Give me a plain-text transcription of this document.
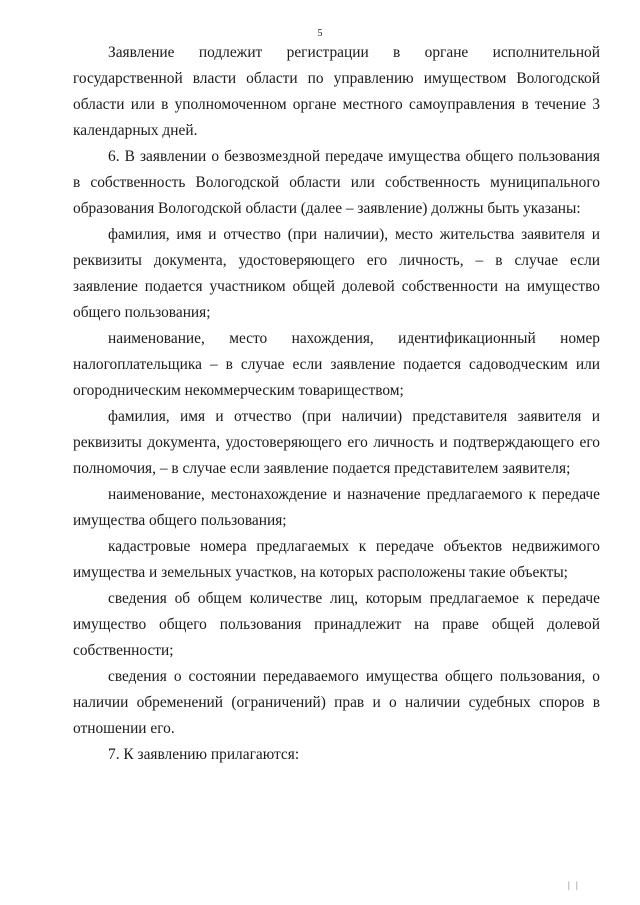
5

Заявление подлежит регистрации в органе исполнительной государственной власти области по управлению имуществом Вологодской области или в уполномоченном органе местного самоуправления в течение 3 календарных дней.

6. В заявлении о безвозмездной передаче имущества общего пользования в собственность Вологодской области или собственность муниципального образования Вологодской области (далее – заявление) должны быть указаны:

фамилия, имя и отчество (при наличии), место жительства заявителя и реквизиты документа, удостоверяющего его личность, – в случае если заявление подается участником общей долевой собственности на имущество общего пользования;

наименование, место нахождения, идентификационный номер налогоплательщика – в случае если заявление подается садоводческим или огородническим некоммерческим товариществом;

фамилия, имя и отчество (при наличии) представителя заявителя и реквизиты документа, удостоверяющего его личность и подтверждающего его полномочия, – в случае если заявление подается представителем заявителя;

наименование, местонахождение и назначение предлагаемого к передаче имущества общего пользования;

кадастровые номера предлагаемых к передаче объектов недвижимого имущества и земельных участков, на которых расположены такие объекты;

сведения об общем количестве лиц, которым предлагаемое к передаче имущество общего пользования принадлежит на праве общей долевой собственности;

сведения о состоянии передаваемого имущества общего пользования, о наличии обременений (ограничений) прав и о наличии судебных споров в отношении его.

7. К заявлению прилагаются:

| |
